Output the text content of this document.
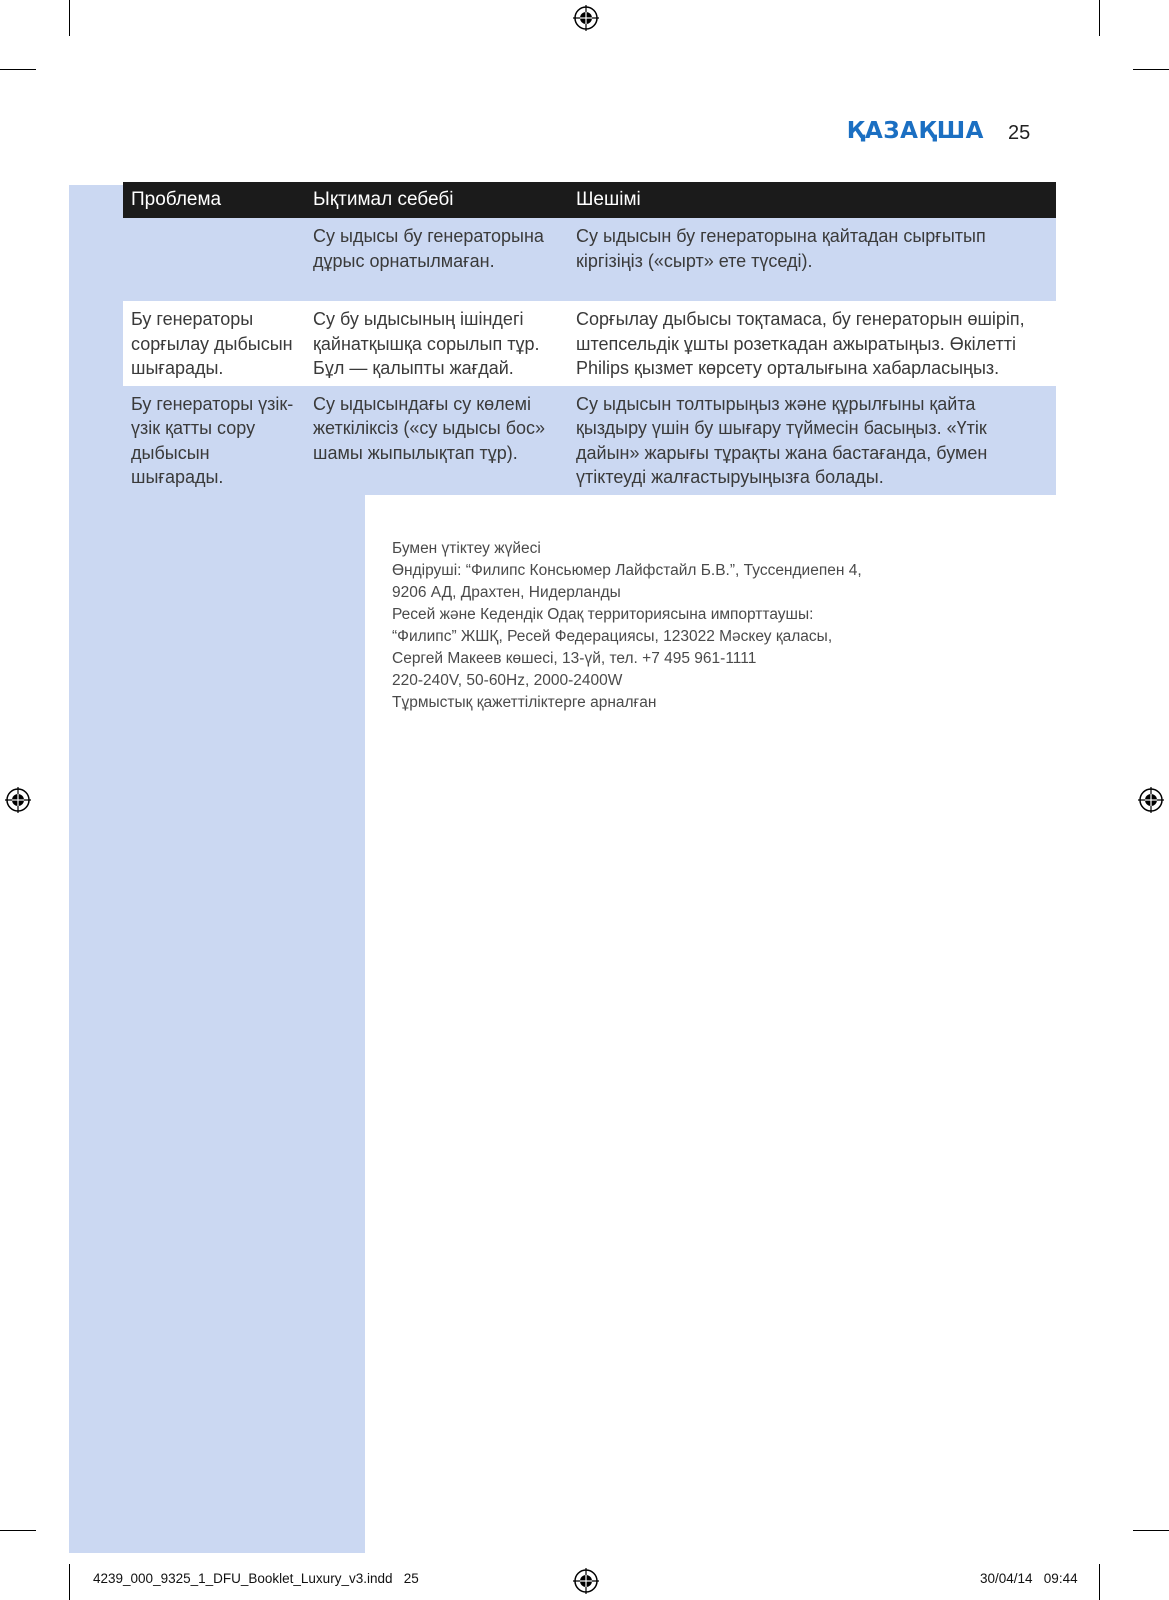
ҚАЗАҚША 25
Проблема	Ықтимал себебі	Шешімі
	Су ыдысы бу генераторына дұрыс орнатылмаған.	Су ыдысын бу генераторына қайтадан сырғытып кіргізіңіз («сырт» ете түседі).
Бу генераторы сорғылау дыбысын шығарады.	Су бу ыдысының ішіндегі қайнатқышқа сорылып тұр. Бұл — қалыпты жағдай.	Сорғылау дыбысы тоқтамаса, бу генераторын өшіріп, штепсельдік ұшты розеткадан ажыратыңыз. Өкілетті Philips қызмет көрсету орталығына хабарласыңыз.
Бу генераторы үзік-үзік қатты сору дыбысын шығарады.	Су ыдысындағы су көлемі жеткіліксіз («су ыдысы бос» шамы жыпылықтап тұр).	Су ыдысын толтырыңыз және құрылғыны қайта қыздыру үшін бу шығару түймесін басыңыз. «Үтік дайын» жарығы тұрақты жана бастағанда, бумен үтіктеуді жалғастыруыңызға болады.
Бумен үтіктеу жүйесі
Өндіруші: “Филипс Консьюмер Лайфстайл Б.В.”, Туссендиепен 4,
9206 АД, Драхтен, Нидерланды
Ресей және Кедендік Одақ территориясына импорттаушы:
“Филипс” ЖШҚ, Ресей Федерациясы, 123022 Мәскеу қаласы,
Сергей Макеев көшесі, 13-үй, тел. +7 495 961-1111
220-240V, 50-60Hz, 2000-2400W
Тұрмыстық қажеттіліктерге арналған
4239_000_9325_1_DFU_Booklet_Luxury_v3.indd   25	30/04/14   09:44
